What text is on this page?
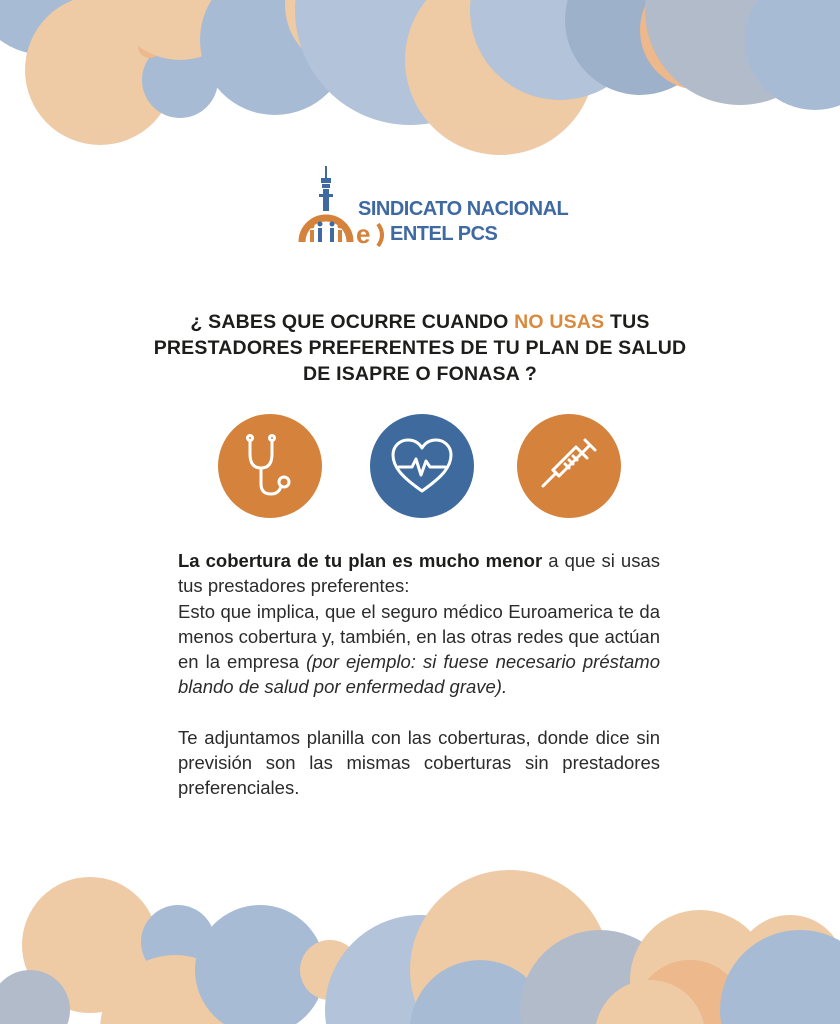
e
SINDICATO NACIONAL
ENTEL PCS
¿ SABES QUE OCURRE CUANDO NO USAS TUS PRESTADORES PREFERENTES DE TU PLAN DE SALUD DE ISAPRE O FONASA ?

La cobertura de tu plan es mucho menor a que si usas tus prestadores preferentes:

Esto que implica, que el seguro médico Euroamerica te da menos cobertura y, también, en las otras redes que actúan en la empresa (por ejemplo: si fuese necesario préstamo blando de salud por enfermedad grave).

Te adjuntamos planilla con las coberturas, donde dice sin previsión son las mismas coberturas sin prestadores preferenciales.
